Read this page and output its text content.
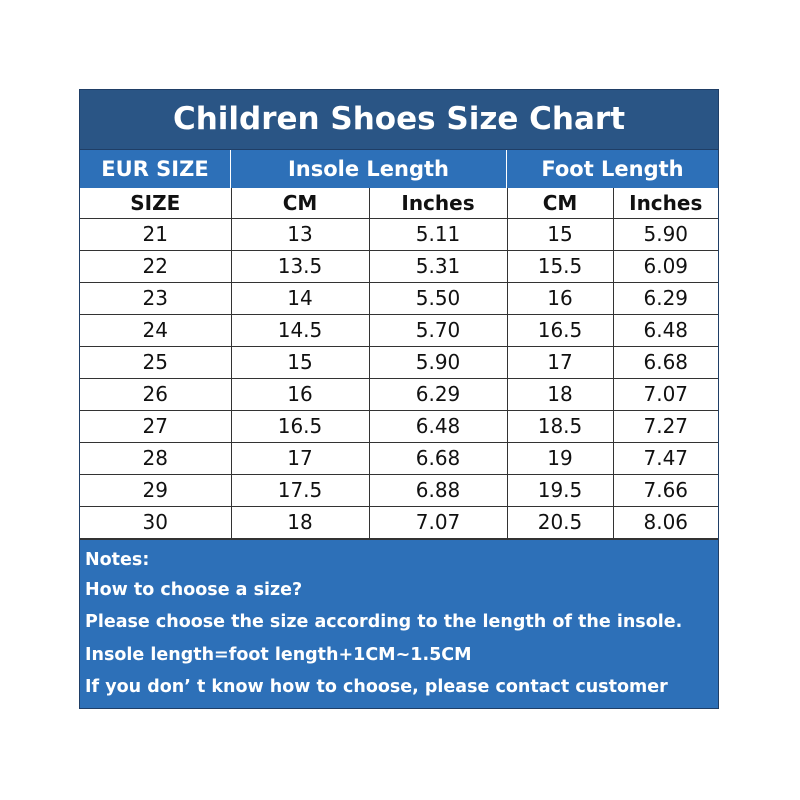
Children Shoes Size Chart
EUR SIZE	Insole Length	Foot Length
SIZE	CM	Inches	CM	Inches
21	13	5.11	15	5.90
22	13.5	5.31	15.5	6.09
23	14	5.50	16	6.29
24	14.5	5.70	16.5	6.48
25	15	5.90	17	6.68
26	16	6.29	18	7.07
27	16.5	6.48	18.5	7.27
28	17	6.68	19	7.47
29	17.5	6.88	19.5	7.66
30	18	7.07	20.5	8.06
Notes:
How to choose a size?
Please choose the size according to the length of the insole.
Insole length=foot length+1CM~1.5CM
If you don’ t know how to choose, please contact customer
